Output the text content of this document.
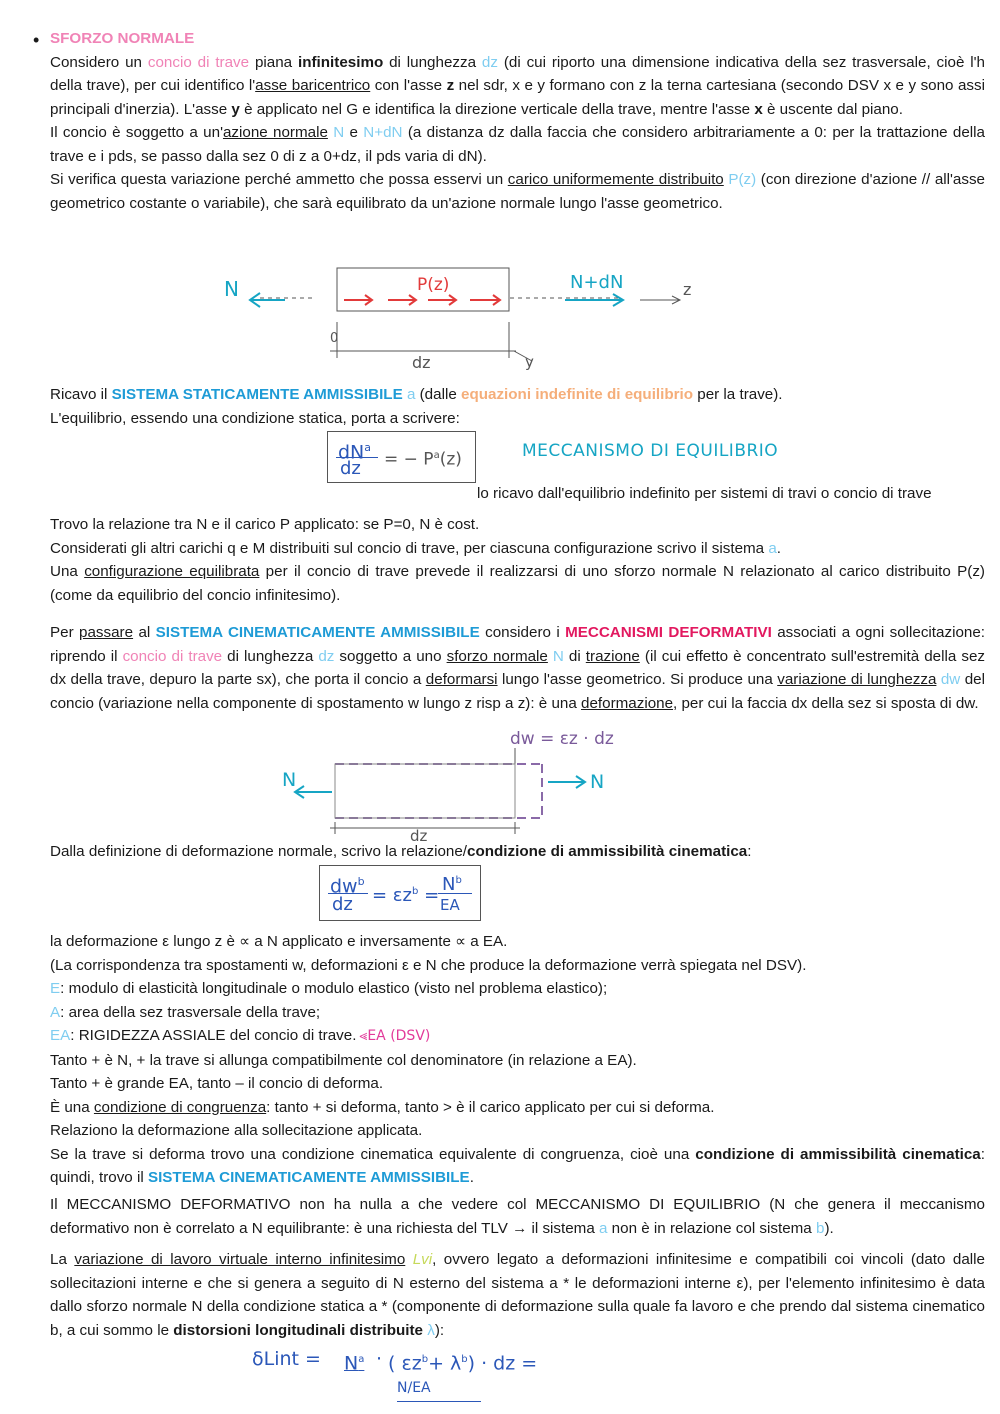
• SFORZO NORMALE

Considero un concio di trave piana infinitesimo di lunghezza dz (di cui riporto una dimensione indicativa della sez trasversale, cioè l'h della trave), per cui identifico l'asse baricentrico con l'asse z nel sdr, x e y formano con z la terna cartesiana (secondo DSV x e y sono assi principali d'inerzia). L'asse y è applicato nel G e identifica la direzione verticale della trave, mentre l'asse x è uscente dal piano.

Il concio è soggetto a un'azione normale N e N+dN (a distanza dz dalla faccia che considero arbitrariamente a 0: per la trattazione della trave e i pds, se passo dalla sez 0 di z a 0+dz, il pds varia di dN).

Si verifica questa variazione perché ammetto che possa esservi un carico uniformemente distribuito P(z) (con direzione d'azione // all'asse geometrico costante o variabile), che sarà equilibrato da un'azione normale lungo l'asse geometrico.

N	P(z)	N+dN	z
0
dz	y

Ricavo il SISTEMA STATICAMENTE AMMISSIBILE a (dalle equazioni indefinite di equilibrio per la trave).

L'equilibrio, essendo una condizione statica, porta a scrivere:

$dN^a$
dz = − $P^a(z)$	MECCANISMO DI EQUILIBRIO
lo ricavo dall'equilibrio indefinito per sistemi di travi o concio di trave

Trovo la relazione tra N e il carico P applicato: se P=0, N è cost.

Considerati gli altri carichi q e M distribuiti sul concio di trave, per ciascuna configurazione scrivo il sistema a.

Una configurazione equilibrata per il concio di trave prevede il realizzarsi di uno sforzo normale N relazionato al carico distribuito P(z) (come da equilibrio del concio infinitesimo).

Per passare al SISTEMA CINEMATICAMENTE AMMISSIBILE considero i MECCANISMI DEFORMATIVI associati a ogni sollecitazione: riprendo il concio di trave di lunghezza dz soggetto a uno sforzo normale N di trazione (il cui effetto è concentrato sull'estremità della sez dx della trave, depuro la parte sx), che porta il concio a deformarsi lungo l'asse geometrico. Si produce una variazione di lunghezza dw del concio (variazione nella componente di spostamento w lungo z risp a z): è una deformazione, per cui la faccia dx della sez si sposta di dw.

dw = εz · dz
N	N
dz

Dalla definizione di deformazione normale, scrivo la relazione/condizione di ammissibilità cinematica:

$dw^b$
dz = $\varepsilon z^b$ =
$N^b$
EA

la deformazione ε lungo z è ∝ a N applicato e inversamente ∝ a EA.

(La corrispondenza tra spostamenti w, deformazioni ε e N che produce la deformazione verrà spiegata nel DSV).

E: modulo di elasticità longitudinale o modulo elastico (visto nel problema elastico);

A: area della sez trasversale della trave;

EA: RIGIDEZZA ASSIALE del concio di trave. ⪡EA (DSV)

Tanto + è N, + la trave si allunga compatibilmente col denominatore (in relazione a EA).

Tanto + è grande EA, tanto – il concio di deforma.

È una condizione di congruenza: tanto + si deforma, tanto > è il carico applicato per cui si deforma.

Relaziono la deformazione alla sollecitazione applicata.

Se la trave si deforma trovo una condizione cinematica equivalente di congruenza, cioè una condizione di ammissibilità cinematica: quindi, trovo il SISTEMA CINEMATICAMENTE AMMISSIBILE.

Il MECCANISMO DEFORMATIVO non ha nulla a che vedere col MECCANISMO DI EQUILIBRIO (N che genera il meccanismo deformativo non è correlato a N equilibrante: è una richiesta del TLV → il sistema a non è in relazione col sistema b).

La variazione di lavoro virtuale interno infinitesimo Lvi, ovvero legato a deformazioni infinitesime e compatibili coi vincoli (dato dalle sollecitazioni interne e che si genera a seguito di N esterno del sistema a * le deformazioni interne ε), per l'elemento infinitesimo è data dallo sforzo normale N della condizione statica a * (componente di deformazione sulla quale fa lavoro e che prendo dal sistema cinematico b, a cui sommo le distorsioni longitudinali distribuite λ):

δLint = $N^a$ · ( $\varepsilon z^b+ \lambda^b$) · dz =
N/EA
